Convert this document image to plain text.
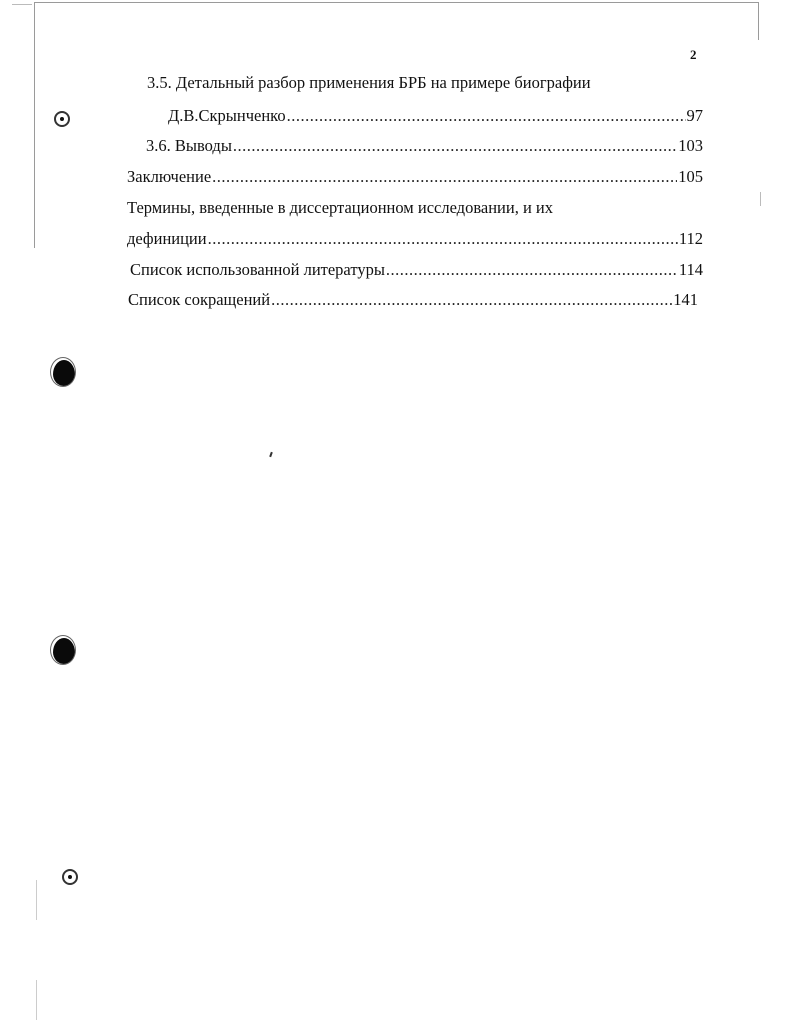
2
3.5. Детальный разбор применения БРБ на примере биографии
Д.В.Скрынченко .....	97
3.6. Выводы .....	103
Заключение .....	105
Термины, введенные в диссертационном исследовании, и их
дефиниции .....	112
Список использованной литературы .....	114
Список сокращений .....	141
